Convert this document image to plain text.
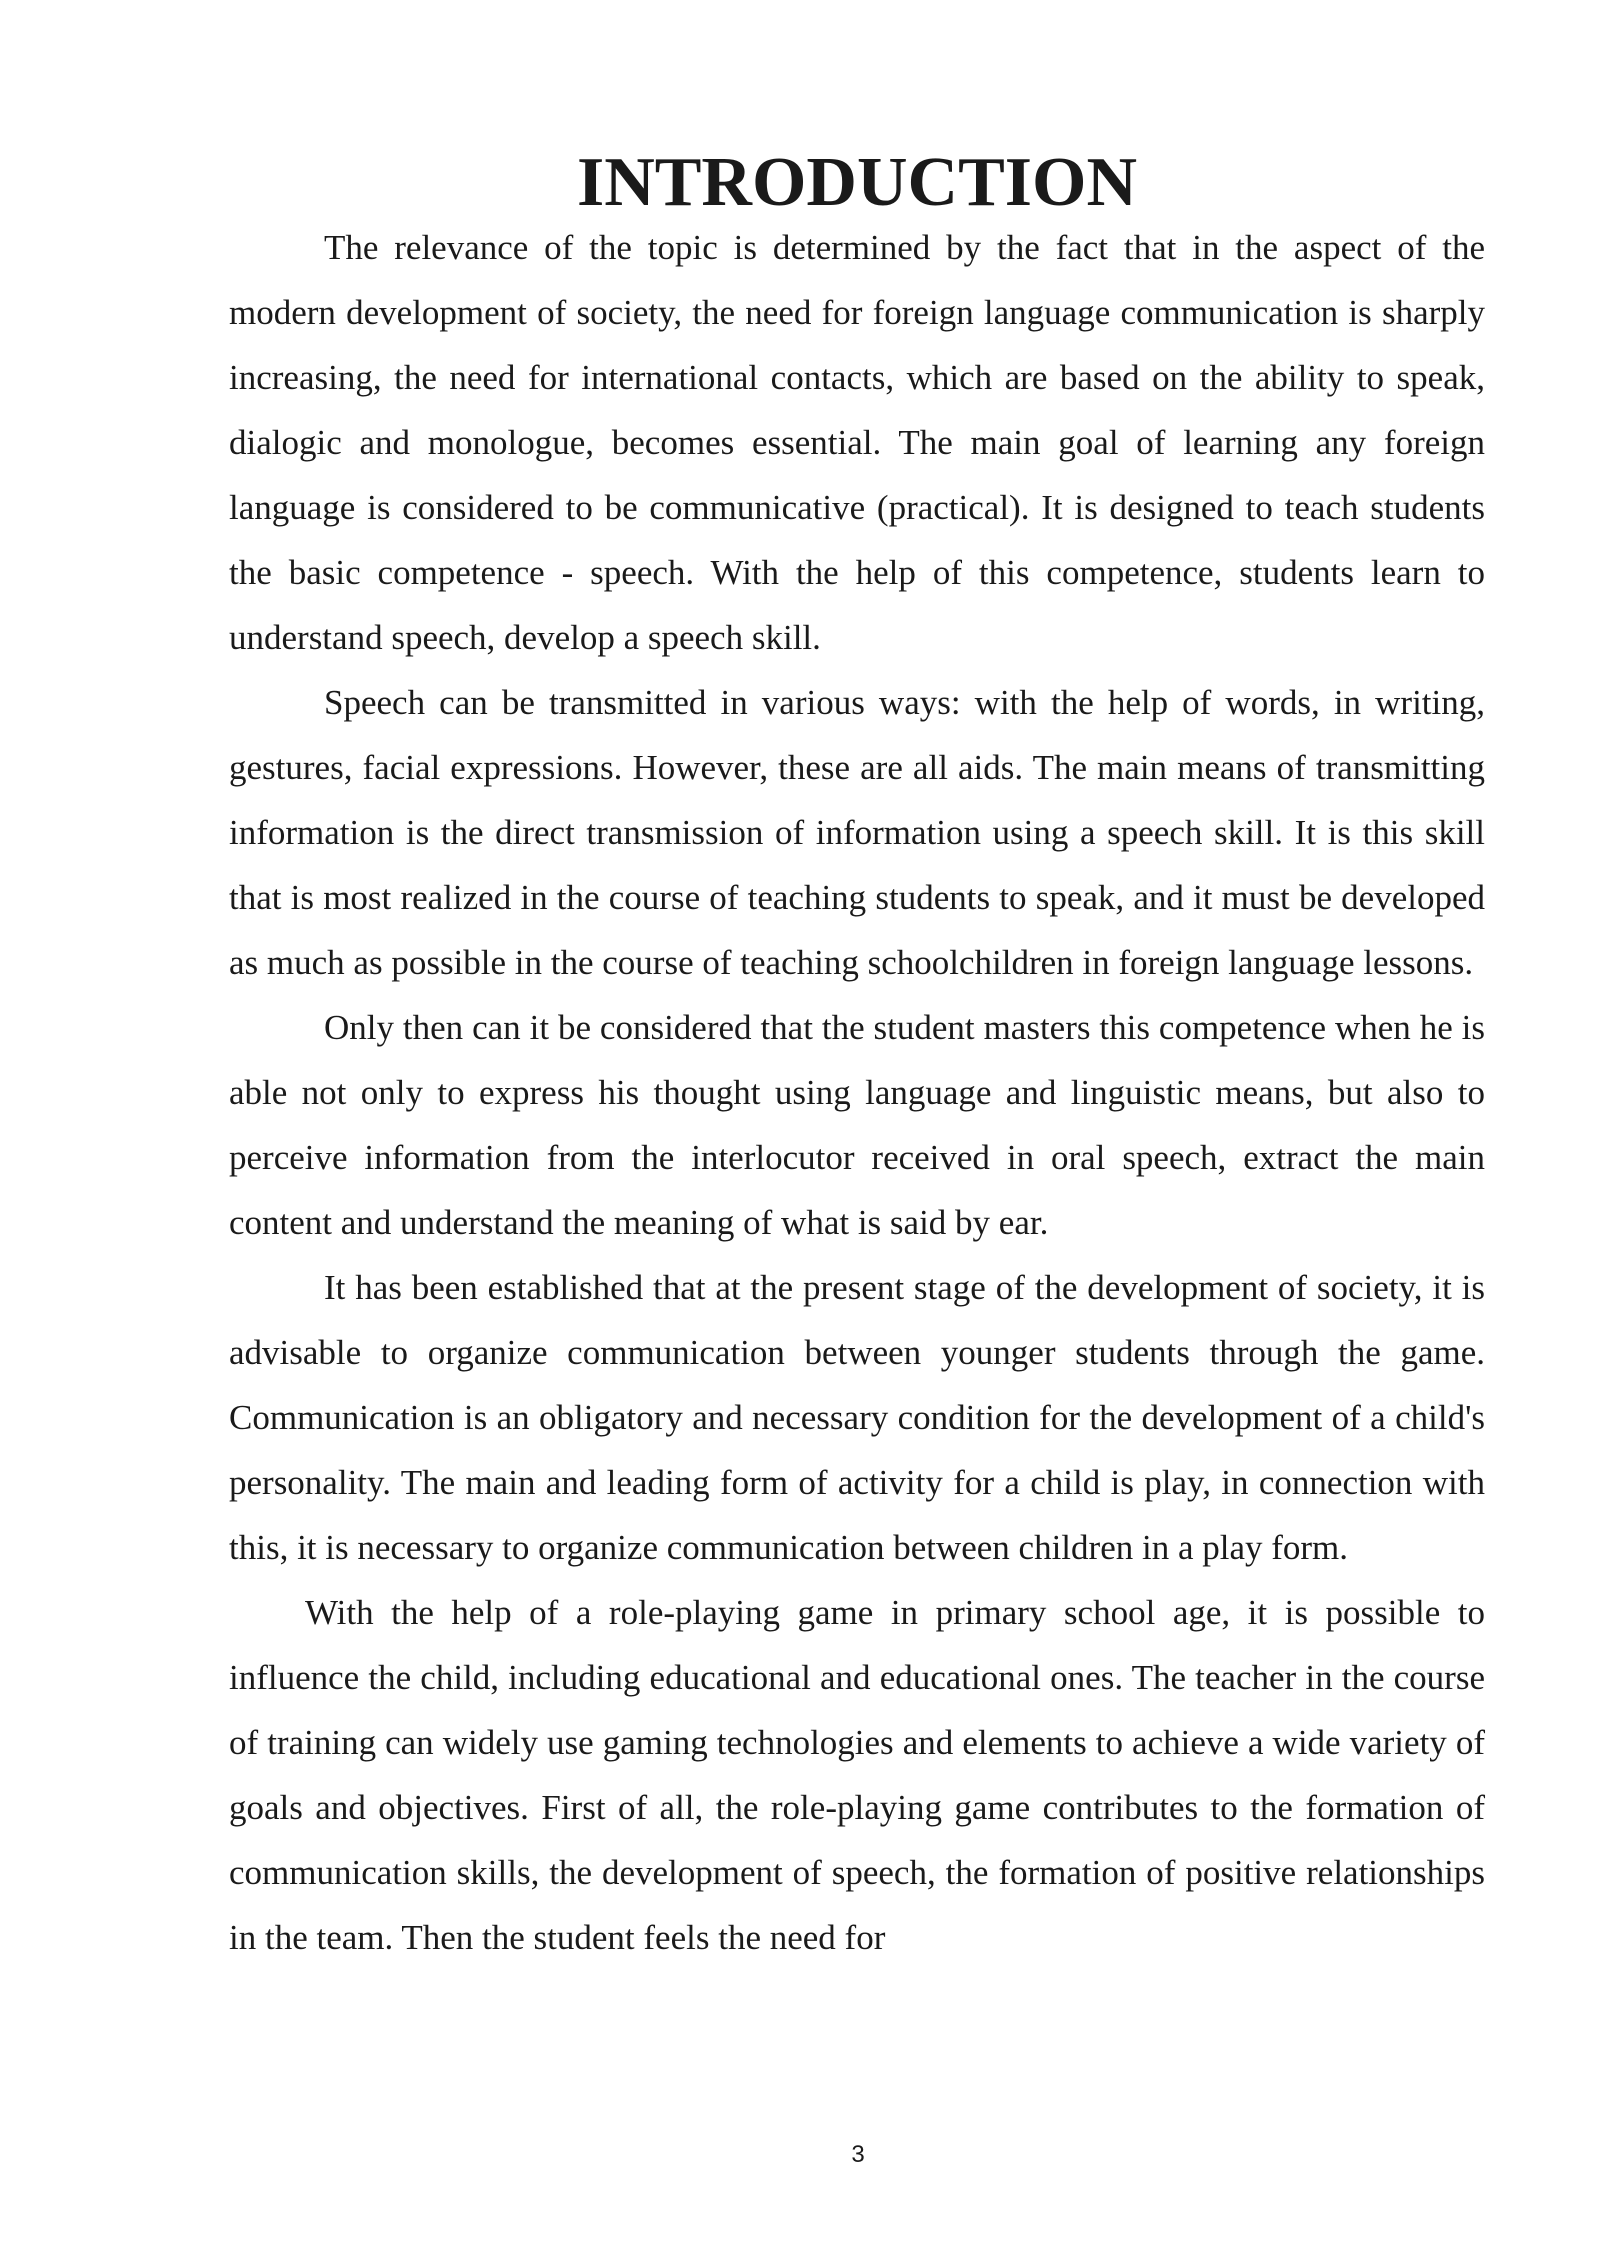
INTRODUCTION

The relevance of the topic is determined by the fact that in the aspect of the modern development of society, the need for foreign language communication is sharply increasing, the need for international contacts, which are based on the ability to speak, dialogic and monologue, becomes essential. The main goal of learning any foreign language is considered to be communicative (practical). It is designed to teach students the basic competence - speech. With the help of this competence, students learn to understand speech, develop a speech skill.

Speech can be transmitted in various ways: with the help of words, in writing, gestures, facial expressions. However, these are all aids. The main means of transmitting information is the direct transmission of information using a speech skill. It is this skill that is most realized in the course of teaching students to speak, and it must be developed as much as possible in the course of teaching schoolchildren in foreign language lessons.

Only then can it be considered that the student masters this competence when he is able not only to express his thought using language and linguistic means, but also to perceive information from the interlocutor received in oral speech, extract the main content and understand the meaning of what is said by ear.

It has been established that at the present stage of the development of society, it is advisable to organize communication between younger students through the game. Communication is an obligatory and necessary condition for the development of a child's personality. The main and leading form of activity for a child is play, in connection with this, it is necessary to organize communication between children in a play form.

With the help of a role-playing game in primary school age, it is possible to influence the child, including educational and educational ones. The teacher in the course of training can widely use gaming technologies and elements to achieve a wide variety of goals and objectives. First of all, the role-playing game contributes to the formation of communication skills, the development of speech, the formation of positive relationships in the team. Then the student feels the need for

3
